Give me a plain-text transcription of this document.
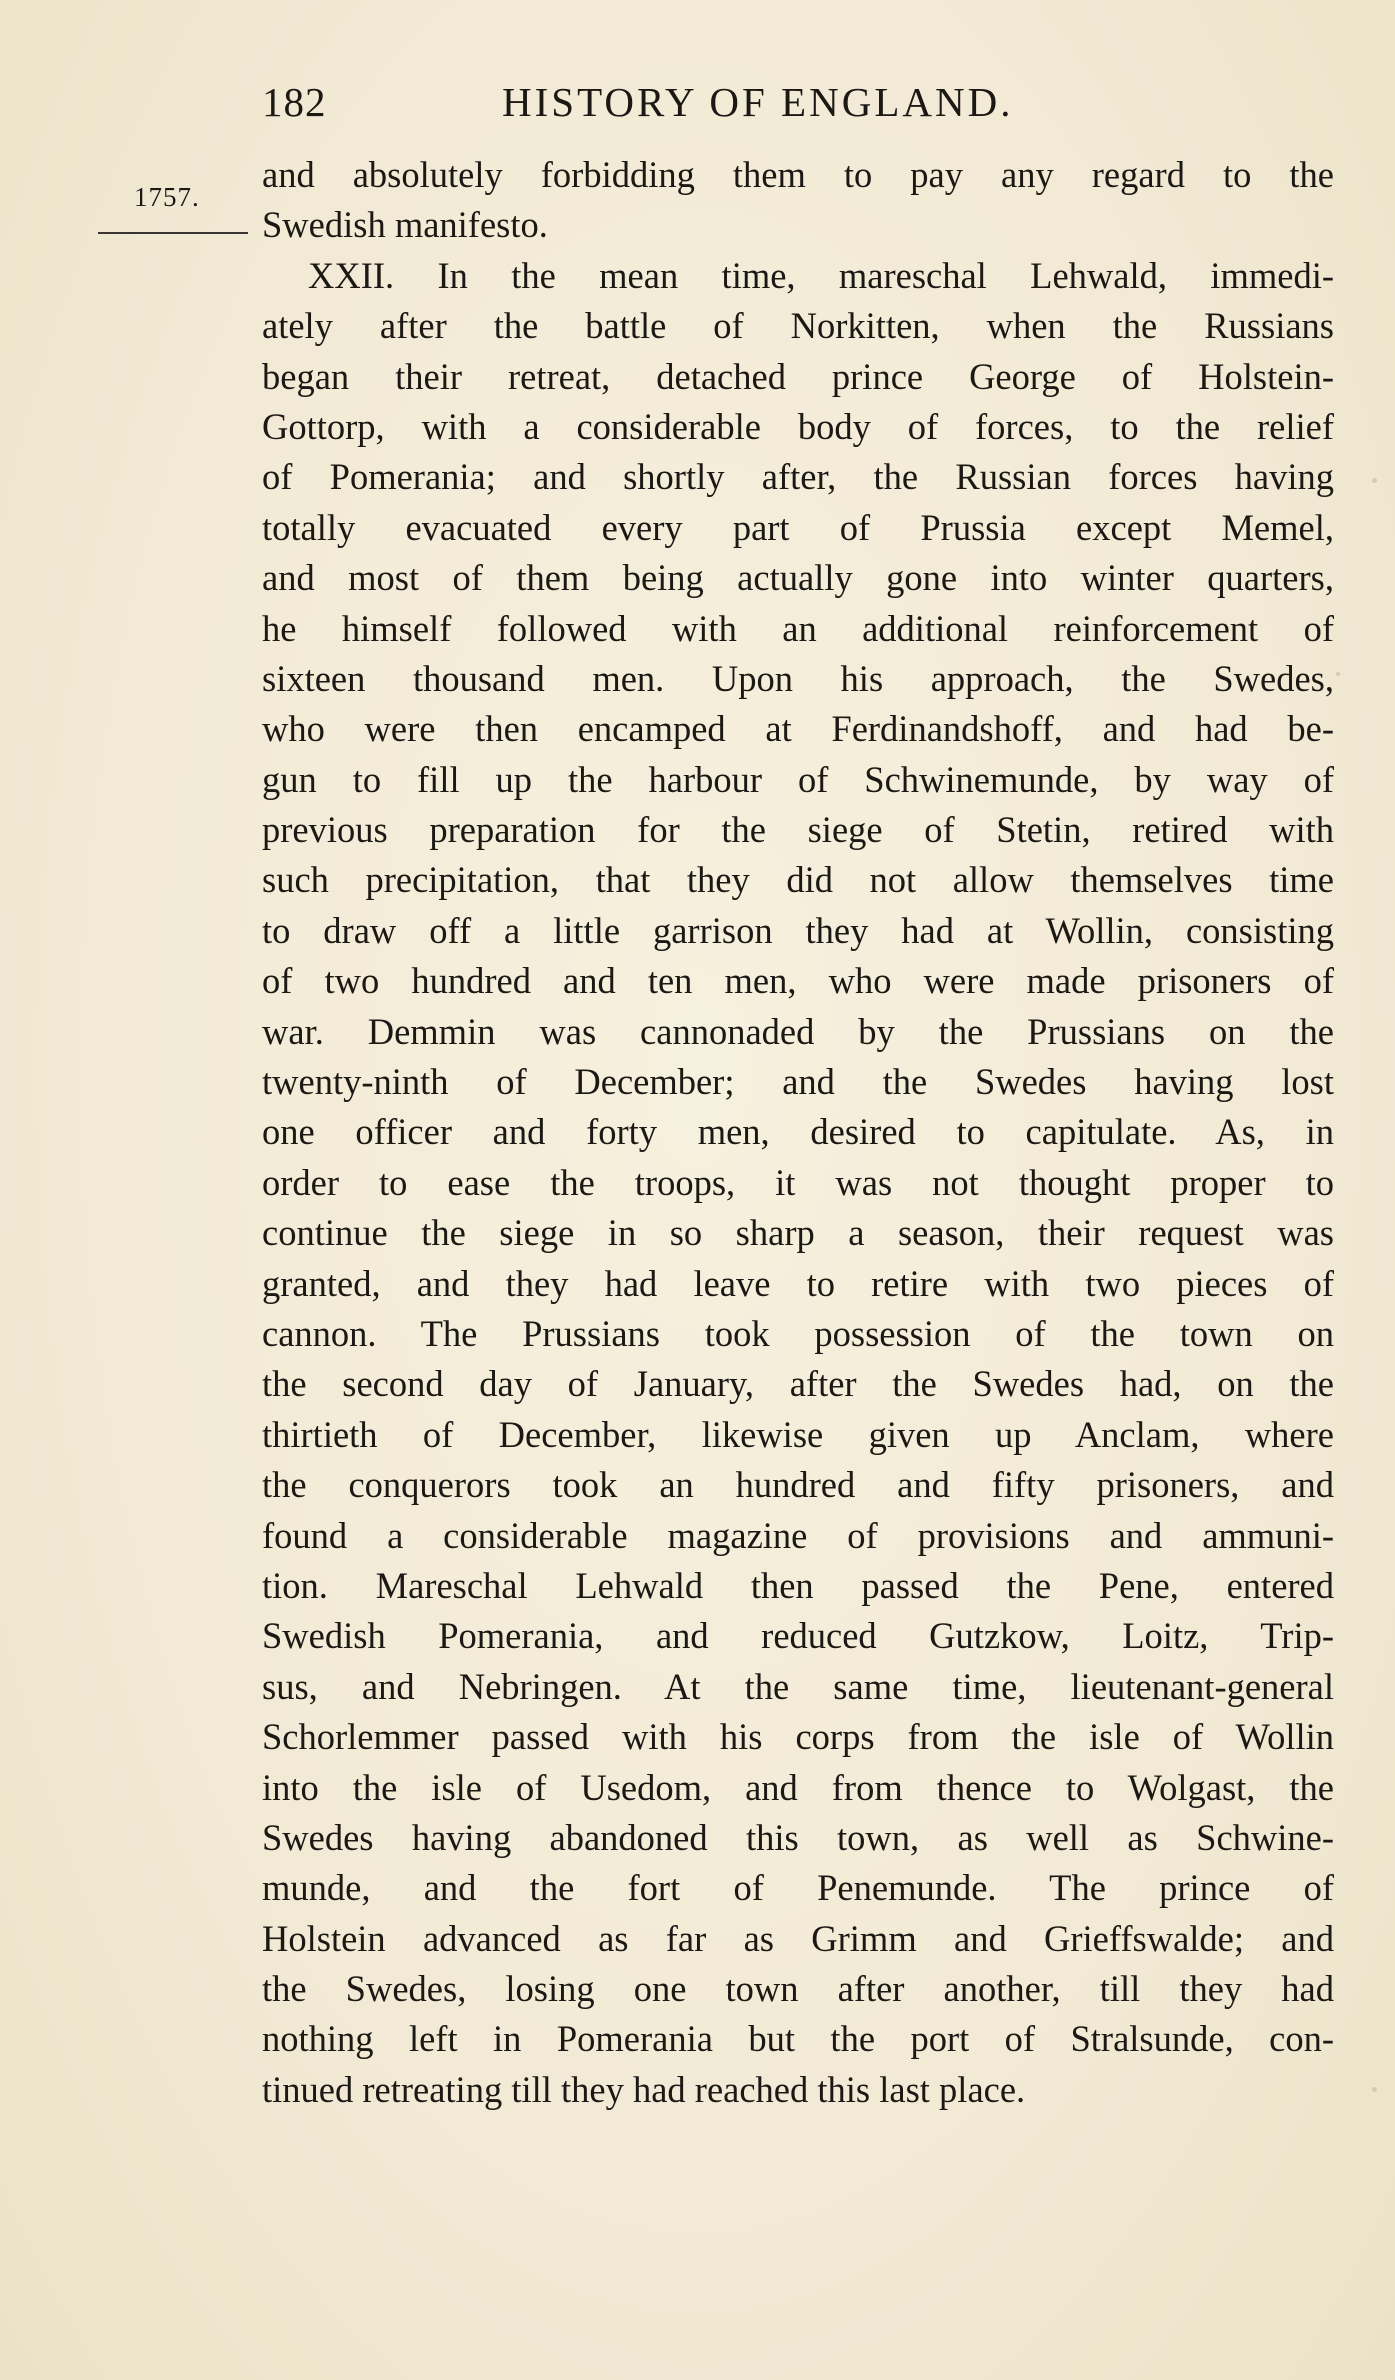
182	HISTORY OF ENGLAND.
1757.
and absolutely forbidding them to pay any regard to the
Swedish manifesto.
XXII. In the mean time, mareschal Lehwald, immedi-
ately after the battle of Norkitten, when the Russians
began their retreat, detached prince George of Holstein-
Gottorp, with a considerable body of forces, to the relief
of Pomerania; and shortly after, the Russian forces having
totally evacuated every part of Prussia except Memel,
and most of them being actually gone into winter quarters,
he himself followed with an additional reinforcement of
sixteen thousand men. Upon his approach, the Swedes,
who were then encamped at Ferdinandshoff, and had be-
gun to fill up the harbour of Schwinemunde, by way of
previous preparation for the siege of Stetin, retired with
such precipitation, that they did not allow themselves time
to draw off a little garrison they had at Wollin, consisting
of two hundred and ten men, who were made prisoners of
war. Demmin was cannonaded by the Prussians on the
twenty-ninth of December; and the Swedes having lost
one officer and forty men, desired to capitulate. As, in
order to ease the troops, it was not thought proper to
continue the siege in so sharp a season, their request was
granted, and they had leave to retire with two pieces of
cannon. The Prussians took possession of the town on
the second day of January, after the Swedes had, on the
thirtieth of December, likewise given up Anclam, where
the conquerors took an hundred and fifty prisoners, and
found a considerable magazine of provisions and ammuni-
tion. Mareschal Lehwald then passed the Pene, entered
Swedish Pomerania, and reduced Gutzkow, Loitz, Trip-
sus, and Nebringen. At the same time, lieutenant-general
Schorlemmer passed with his corps from the isle of Wollin
into the isle of Usedom, and from thence to Wolgast, the
Swedes having abandoned this town, as well as Schwine-
munde, and the fort of Penemunde. The prince of
Holstein advanced as far as Grimm and Grieffswalde; and
the Swedes, losing one town after another, till they had
nothing left in Pomerania but the port of Stralsunde, con-
tinued retreating till they had reached this last place.
